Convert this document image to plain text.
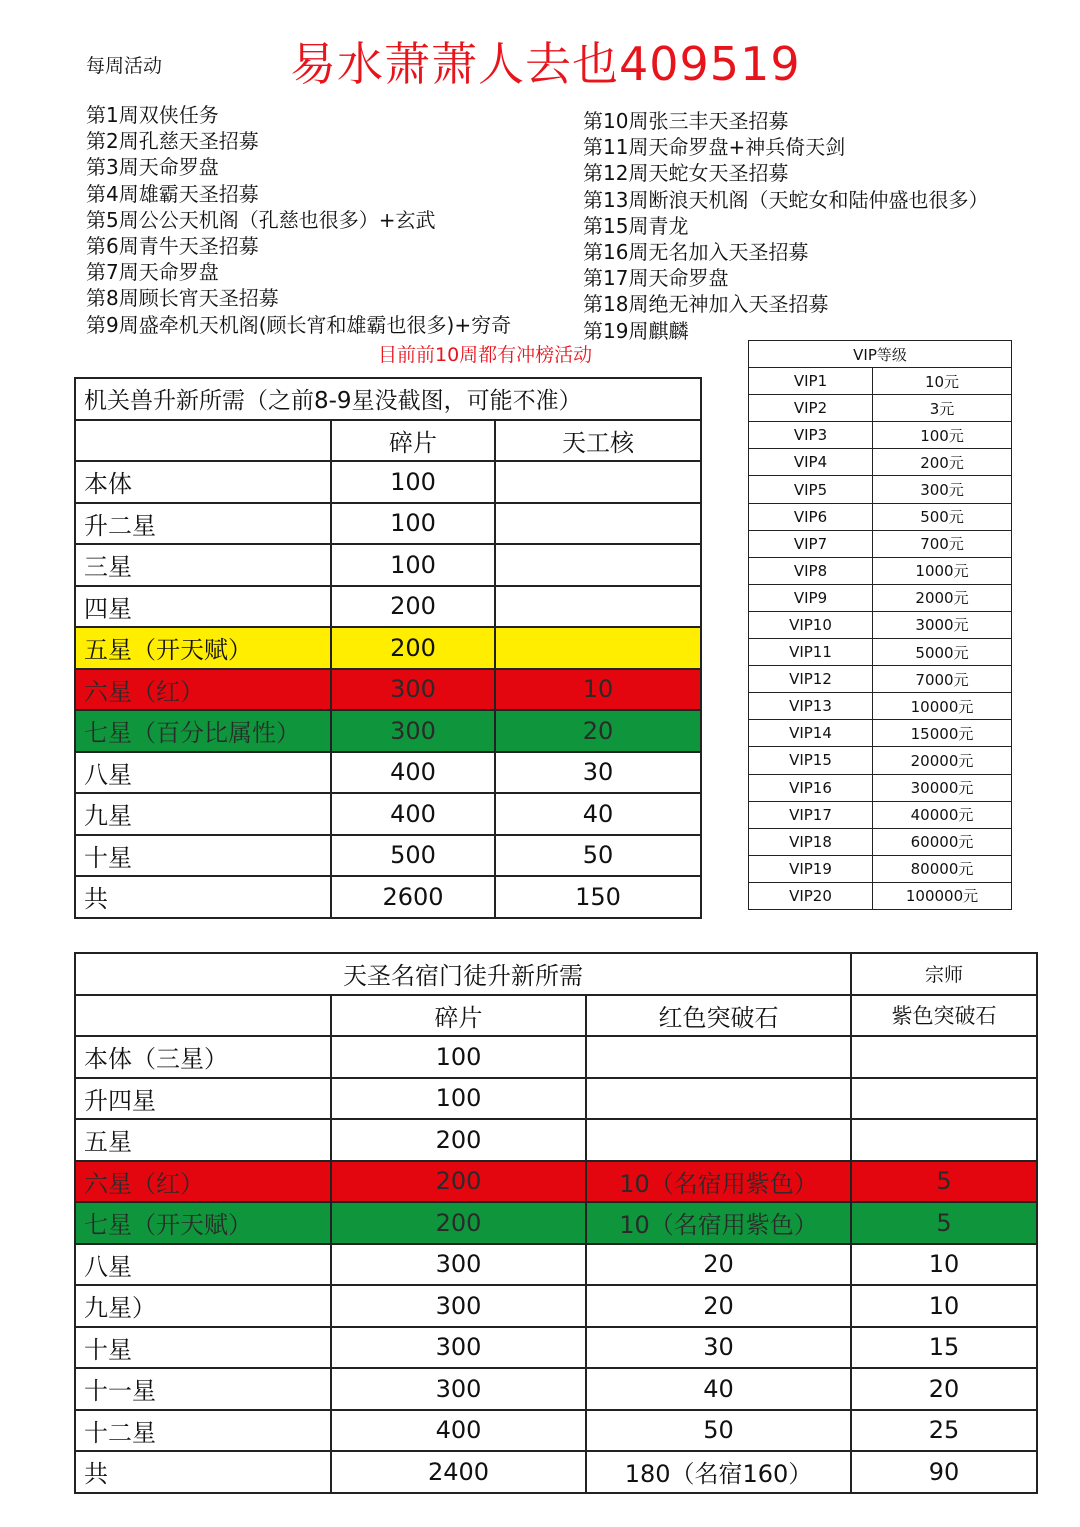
每周活动	易水萧萧人去也409519
第1周双侠任务
第2周孔慈天圣招募
第3周天命罗盘
第4周雄霸天圣招募
第5周公公天机阁（孔慈也很多）+玄武
第6周青牛天圣招募
第7周天命罗盘
第8周顾长宵天圣招募
第9周盛牵机天机阁(顾长宵和雄霸也很多)+穷奇
第10周张三丰天圣招募
第11周天命罗盘+神兵倚天剑
第12周天蛇女天圣招募
第13周断浪天机阁（天蛇女和陆仲盛也很多）
第15周青龙
第16周无名加入天圣招募
第17周天命罗盘
第18周绝无神加入天圣招募
第19周麒麟
目前前10周都有冲榜活动
机关兽升新所需（之前8-9星没截图，可能不准）		
	碎片	天工核
本体	100	
升二星	100	
三星	100	
四星	200	
五星（开天赋）	200	
六星（红）	300	10
七星（百分比属性）	300	20
八星	400	30
九星	400	40
十星	500	50
共	2600	150
VIP等级	
VIP1	10元
VIP2	3元
VIP3	100元
VIP4	200元
VIP5	300元
VIP6	500元
VIP7	700元
VIP8	1000元
VIP9	2000元
VIP10	3000元
VIP11	5000元
VIP12	7000元
VIP13	10000元
VIP14	15000元
VIP15	20000元
VIP16	30000元
VIP17	40000元
VIP18	60000元
VIP19	80000元
VIP20	100000元
天圣名宿门徒升新所需			宗师
	碎片	红色突破石	紫色突破石
本体（三星）	100		
升四星	100		
五星	200		
六星（红）	200	10（名宿用紫色）	5
七星（开天赋）	200	10（名宿用紫色）	5
八星	300	20	10
九星）	300	20	10
十星	300	30	15
十一星	300	40	20
十二星	400	50	25
共	2400	180（名宿160）	90
